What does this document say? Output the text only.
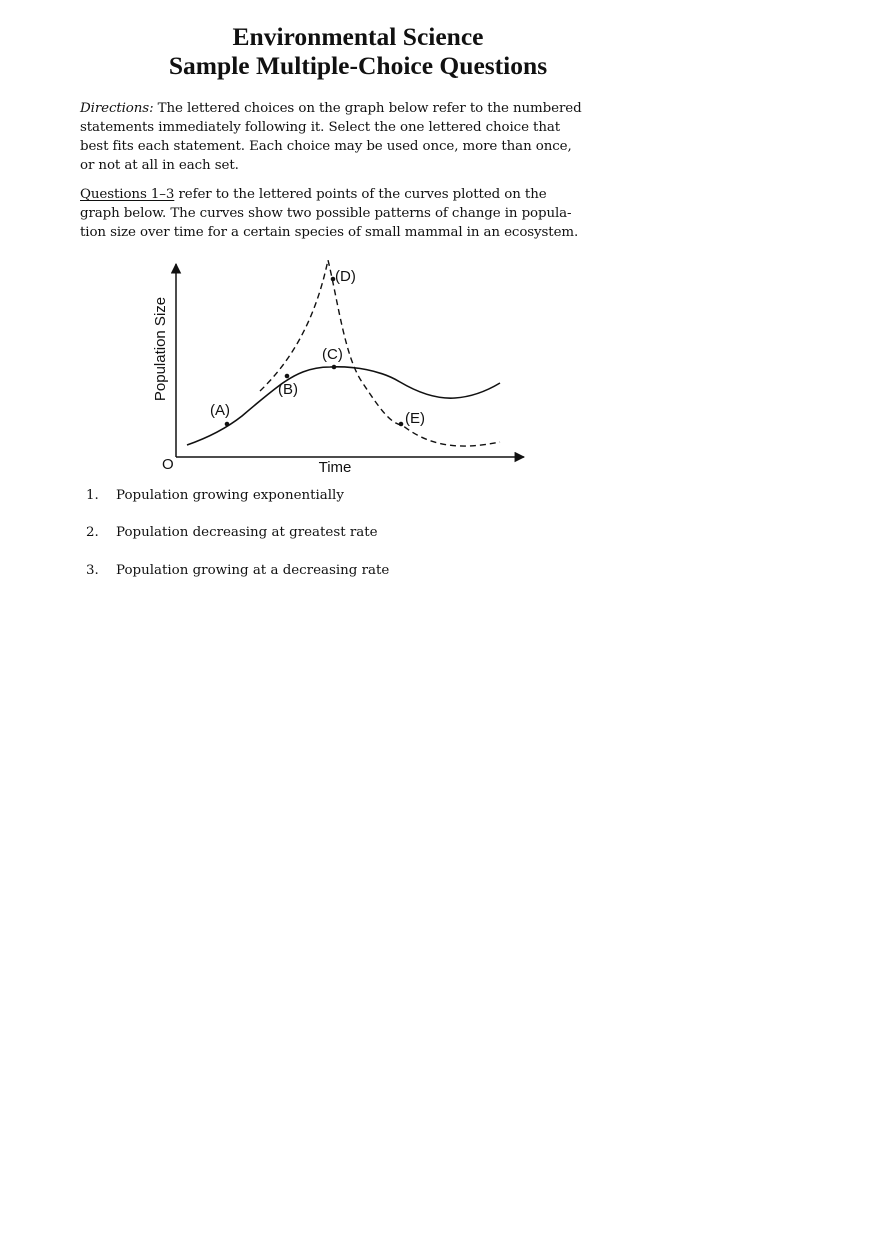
Environmental Science
Sample Multiple-Choice Questions
Directions: The lettered choices on the graph below refer to the numbered
statements immediately following it. Select the one lettered choice that
best fits each statement. Each choice may be used once, more than once,
or not at all in each set.
Questions 1–3 refer to the lettered points of the curves plotted on the
graph below. The curves show two possible patterns of change in popula-
tion size over time for a certain species of small mammal in an ecosystem.
Population Size
Time
O
(A)
(B)
(C)
(D)
(E)
1. Population growing exponentially
2. Population decreasing at greatest rate
3. Population growing at a decreasing rate
